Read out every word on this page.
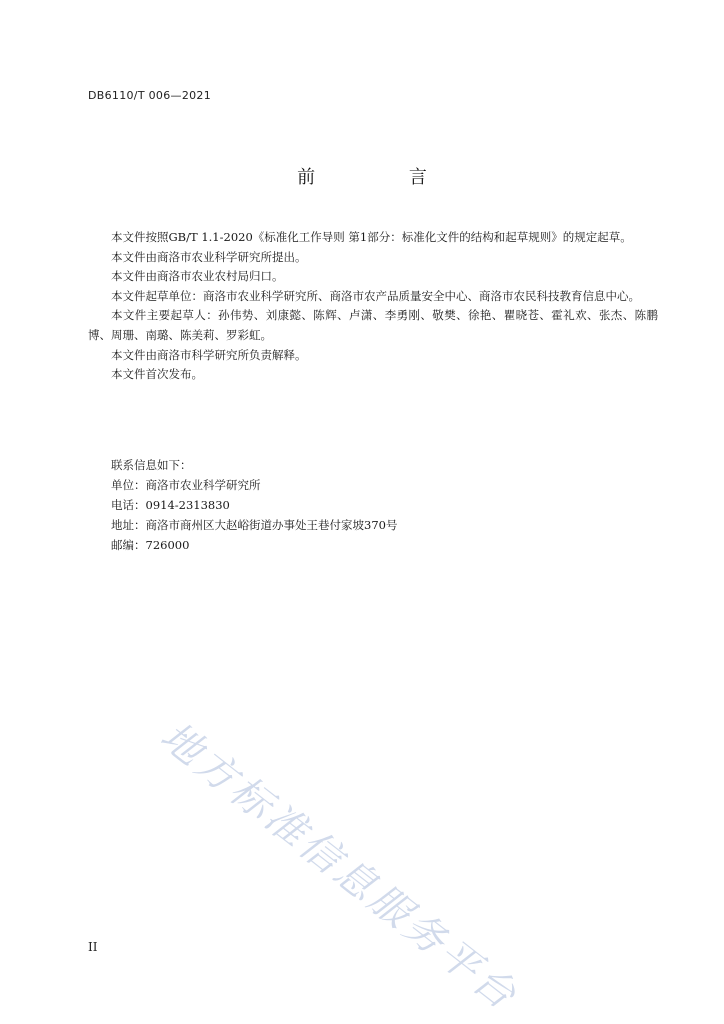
DB6110/T 006—2021
前 言

本文件按照GB/T 1.1-2020《标准化工作导则 第1部分：标准化文件的结构和起草规则》的规定起草。

本文件由商洛市农业科学研究所提出。

本文件由商洛市农业农村局归口。

本文件起草单位：商洛市农业科学研究所、商洛市农产品质量安全中心、商洛市农民科技教育信息中心。

本文件主要起草人：孙伟势、刘康懿、陈辉、卢潇、李勇刚、敬樊、徐艳、瞿晓苍、霍礼欢、张杰、陈鹏博、周珊、南璐、陈美莉、罗彩虹。

本文件由商洛市科学研究所负责解释。

本文件首次发布。

联系信息如下：
单位：商洛市农业科学研究所
电话：0914-2313830
地址：商洛市商州区大赵峪街道办事处王巷付家坡370号
邮编：726000
地方标准信息服务平台
II
